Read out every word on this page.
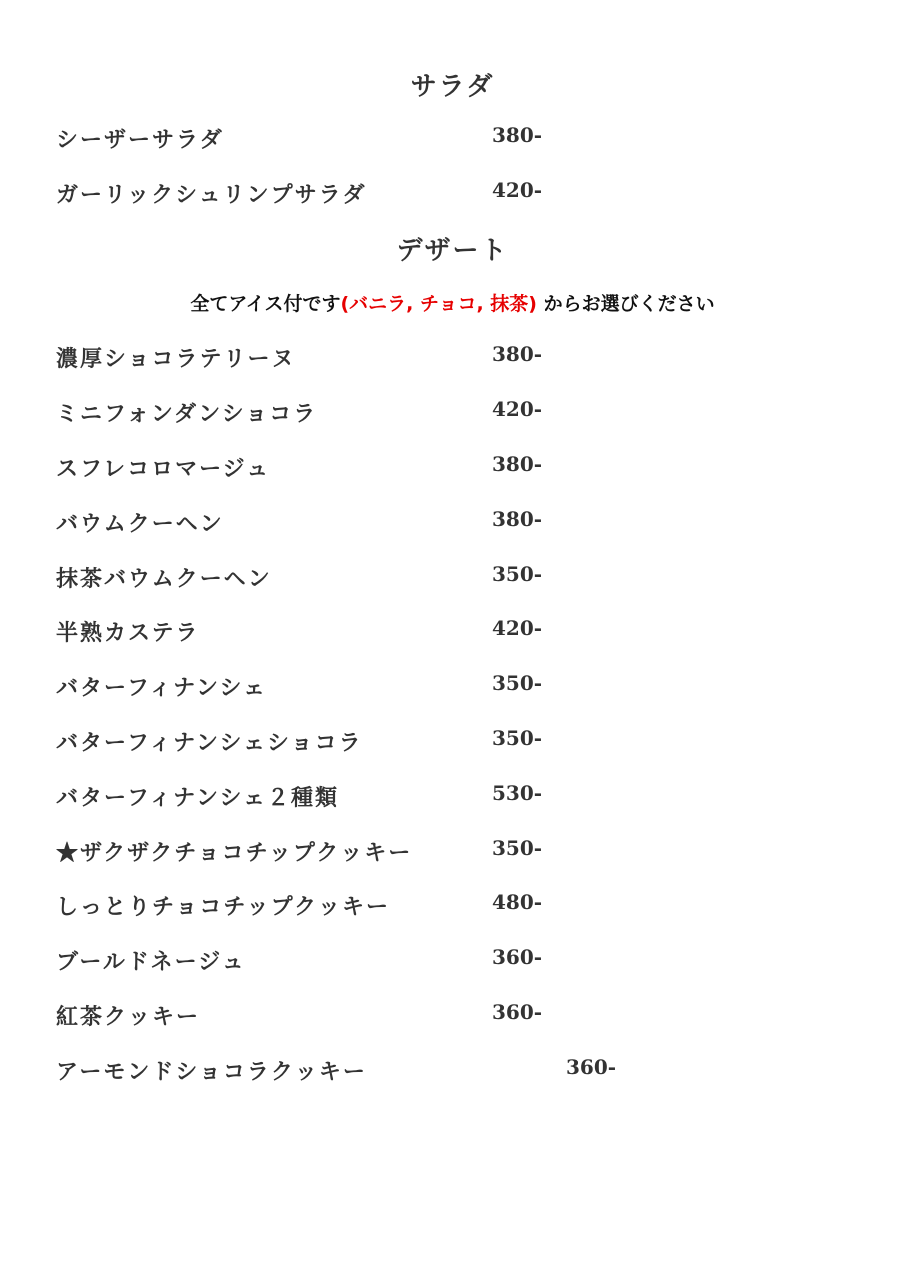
サラダ
シーザーサラダ	380-
ガーリックシュリンプサラダ	420-
デザート
全てアイス付です(バニラ, チョコ, 抹茶) からお選びください
濃厚ショコラテリーヌ	380-
ミニフォンダンショコラ	420-
スフレコロマージュ	380-
バウムクーヘン	380-
抹茶バウムクーヘン	350-
半熟カステラ	420-
バターフィナンシェ	350-
バターフィナンシェショコラ	350-
バターフィナンシェ２種類	530-
★ザクザクチョコチップクッキー	350-
しっとりチョコチップクッキー	480-
ブールドネージュ	360-
紅茶クッキー	360-
アーモンドショコラクッキー	360-
